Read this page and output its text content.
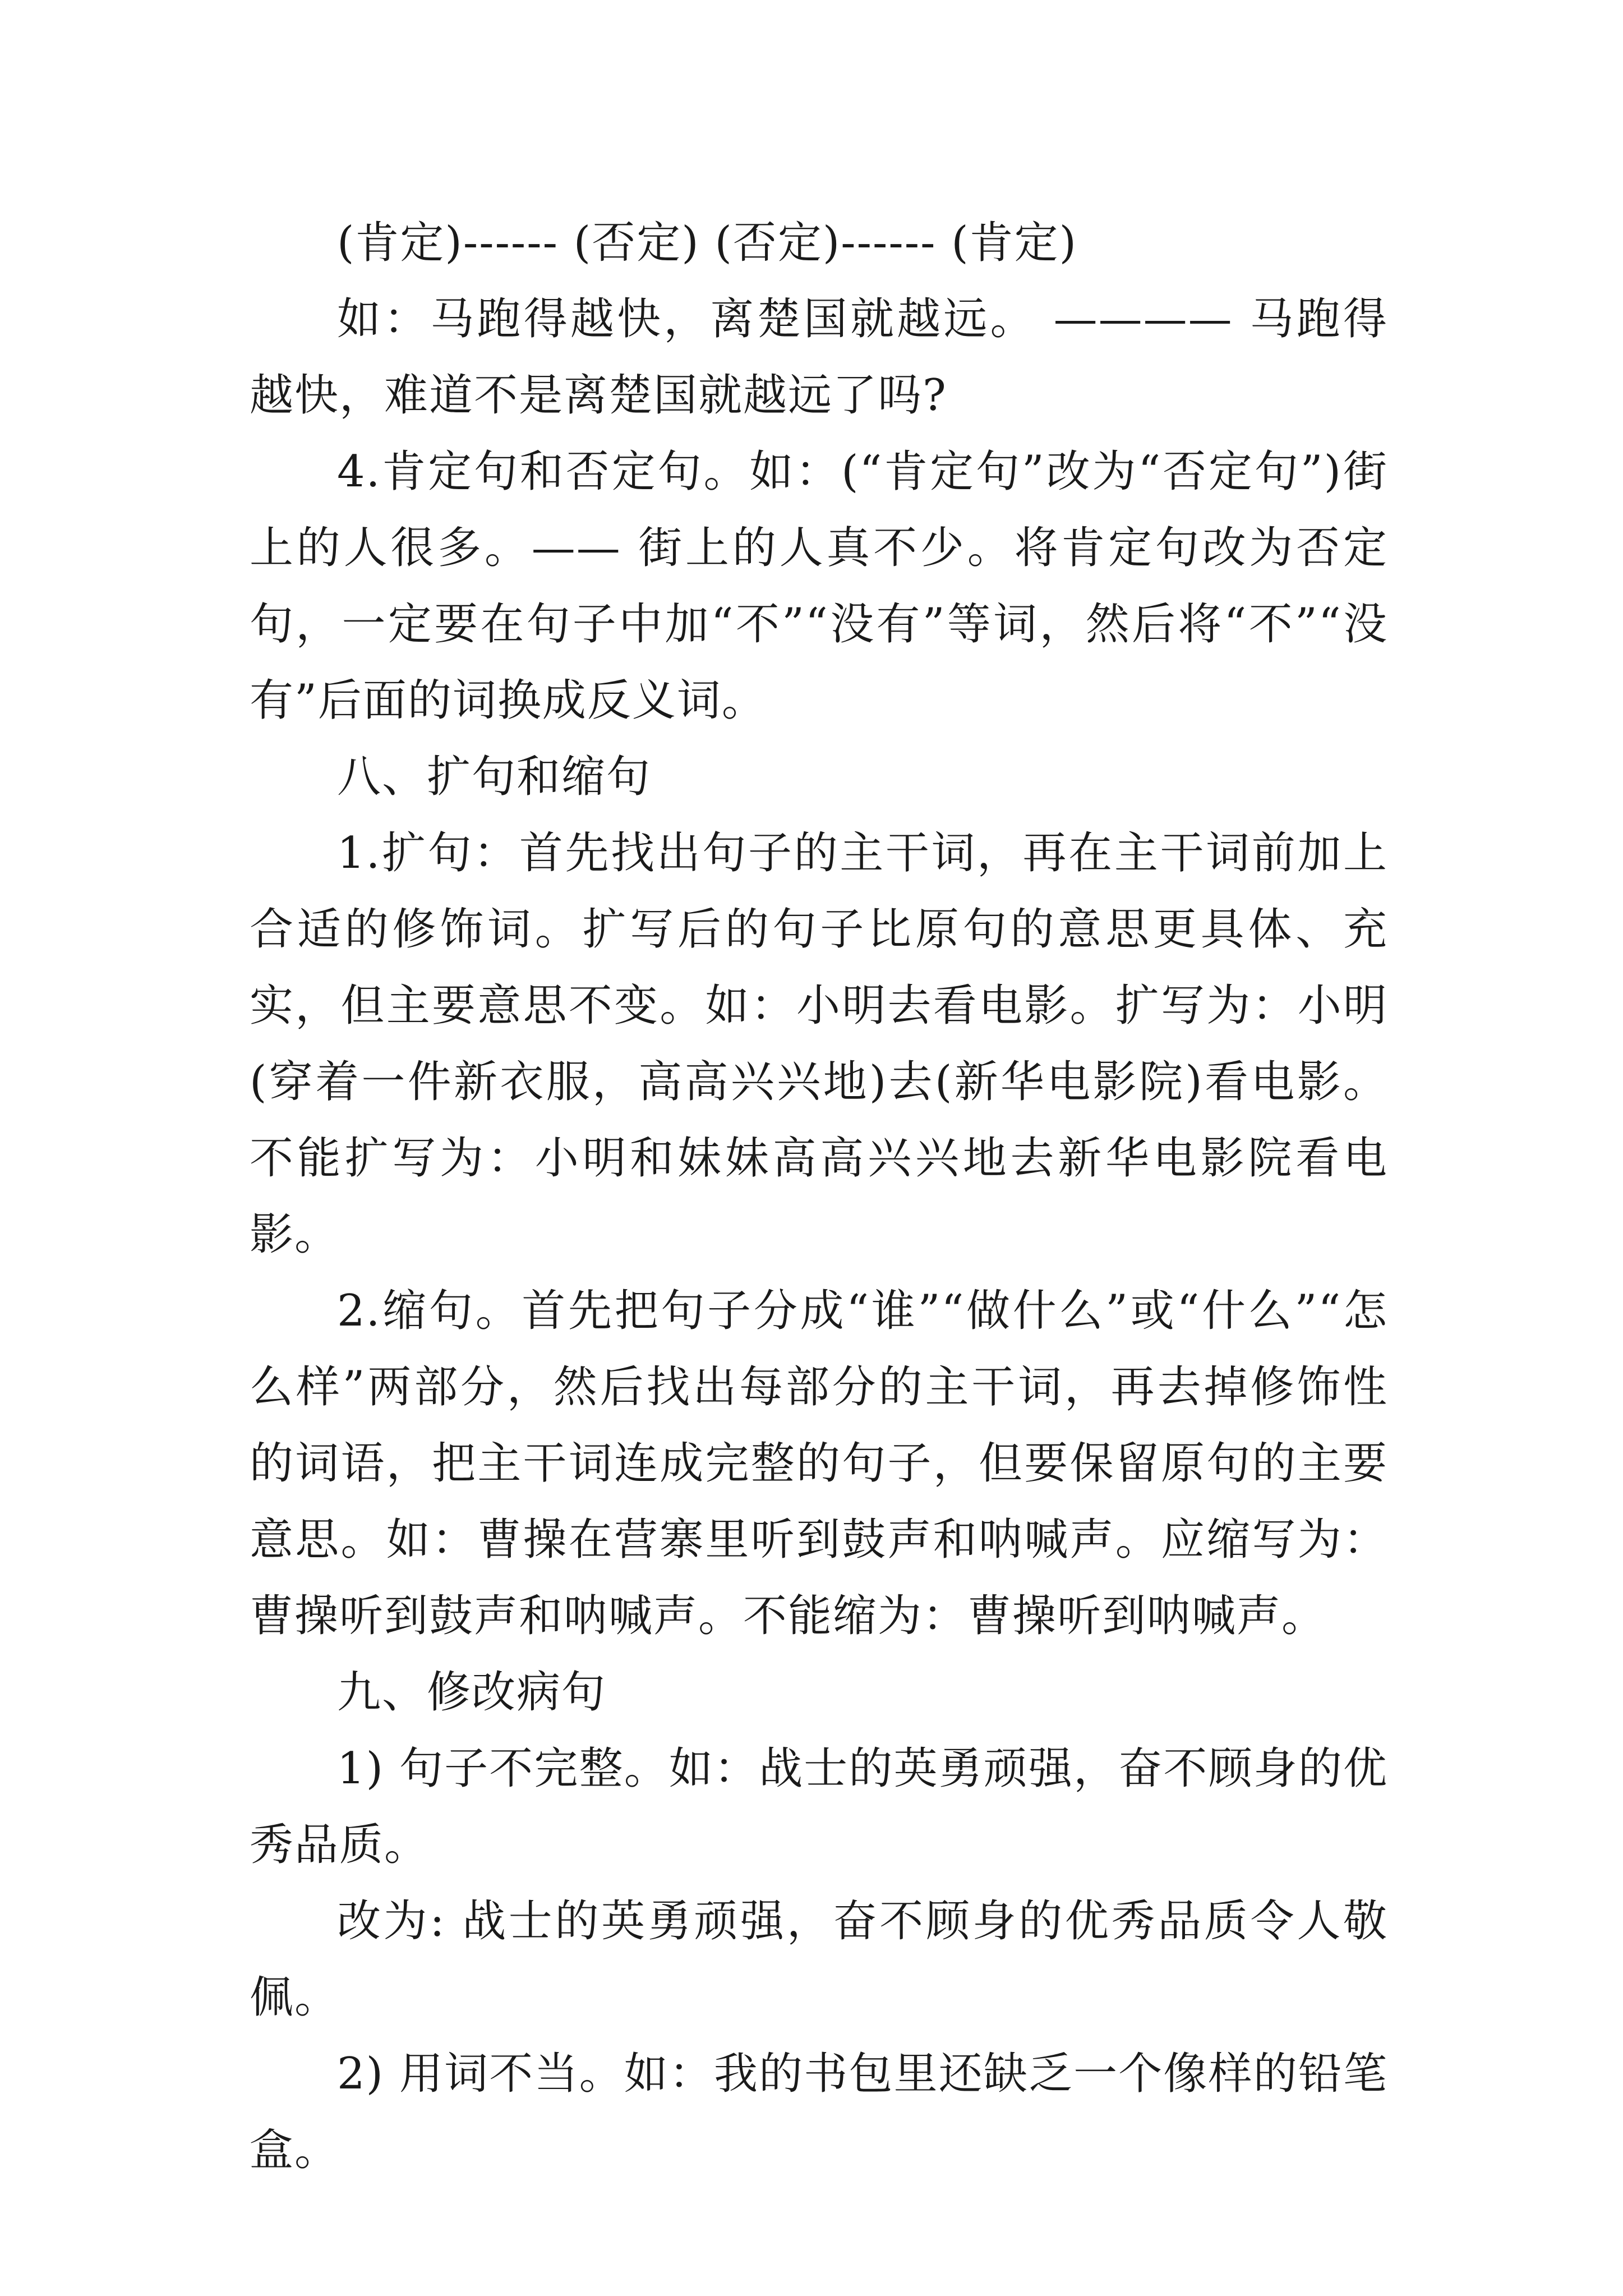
(肯定)------ (否定) (否定)------ (肯定)

如：马跑得越快，离楚国就越远。 ———— 马跑得越快，难道不是离楚国就越远了吗?

4.肯定句和否定句。如：(“肯定句”改为“否定句”)街上的人很多。—— 街上的人真不少。将肯定句改为否定句，一定要在句子中加“不”“没有”等词，然后将“不”“没有”后面的词换成反义词。

八、扩句和缩句

1.扩句：首先找出句子的主干词，再在主干词前加上合适的修饰词。扩写后的句子比原句的意思更具体、充实，但主要意思不变。如：小明去看电影。扩写为：小明(穿着一件新衣服，高高兴兴地)去(新华电影院)看电影。不能扩写为：小明和妹妹高高兴兴地去新华电影院看电影。

2.缩句。首先把句子分成“谁”“做什么”或“什么”“怎么样”两部分，然后找出每部分的主干词，再去掉修饰性的词语，把主干词连成完整的句子，但要保留原句的主要意思。如：曹操在营寨里听到鼓声和呐喊声。应缩写为：曹操听到鼓声和呐喊声。不能缩为：曹操听到呐喊声。

九、修改病句

1) 句子不完整。如：战士的英勇顽强，奋不顾身的优秀品质。

改为: 战士的英勇顽强，奋不顾身的优秀品质令人敬佩。

2) 用词不当。如：我的书包里还缺乏一个像样的铅笔盒。
